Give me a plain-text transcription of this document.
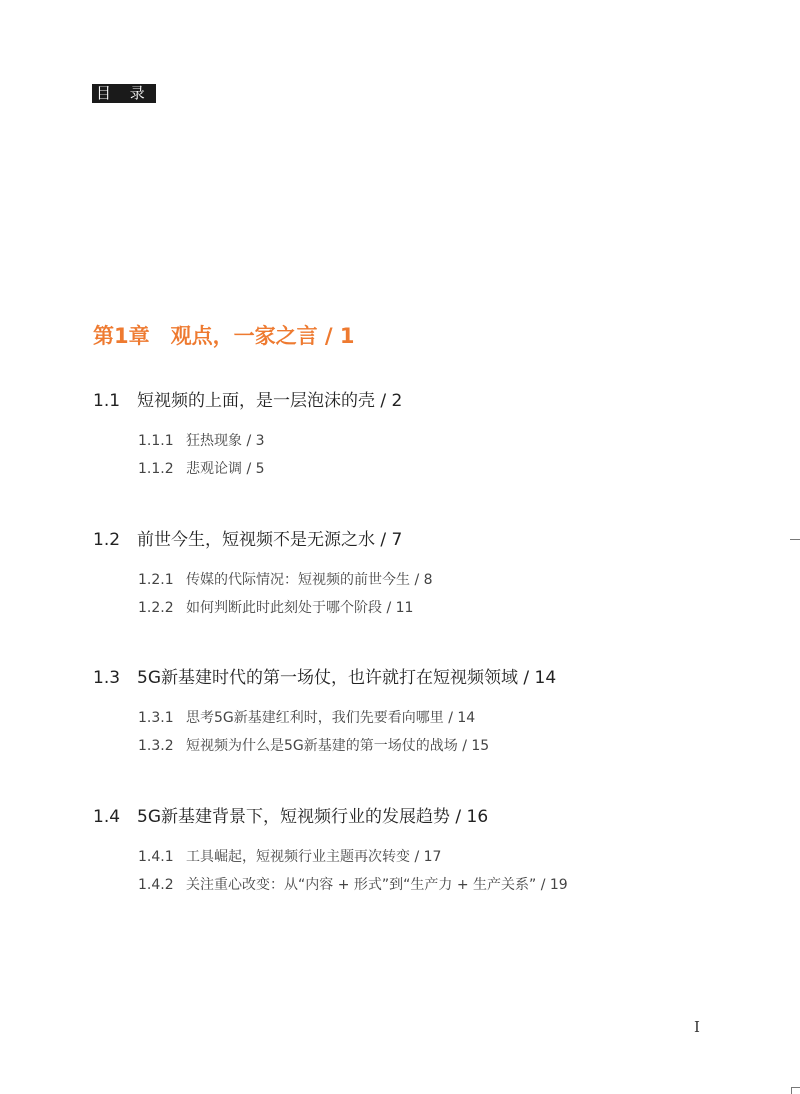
目 录
第1章　观点，一家之言 / 1
1.1 短视频的上面，是一层泡沫的壳 / 2
1.1.1 狂热现象 / 3
1.1.2 悲观论调 / 5
1.2 前世今生，短视频不是无源之水 / 7
1.2.1 传媒的代际情况：短视频的前世今生 / 8
1.2.2 如何判断此时此刻处于哪个阶段 / 11
1.3 5G新基建时代的第一场仗，也许就打在短视频领域 / 14
1.3.1 思考5G新基建红利时，我们先要看向哪里 / 14
1.3.2 短视频为什么是5G新基建的第一场仗的战场 / 15
1.4 5G新基建背景下，短视频行业的发展趋势 / 16
1.4.1 工具崛起，短视频行业主题再次转变 / 17
1.4.2 关注重心改变：从“内容 + 形式”到“生产力 + 生产关系” / 19
I
